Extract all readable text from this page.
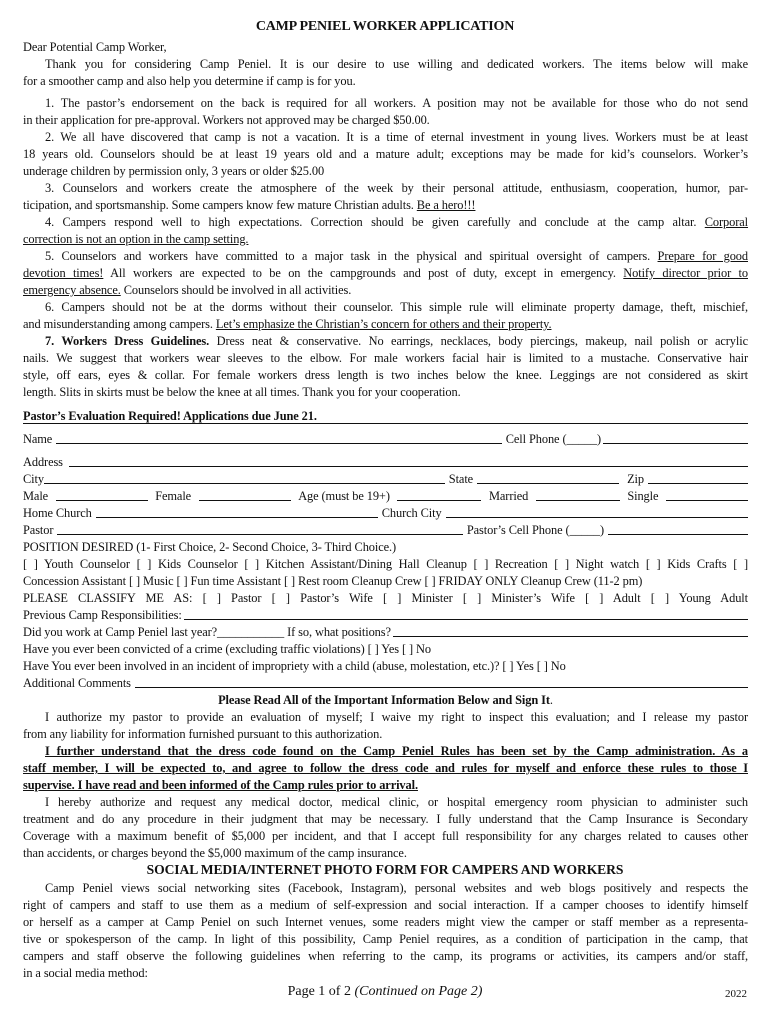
CAMP PENIEL WORKER APPLICATION
Dear Potential Camp Worker,
Thank you for considering Camp Peniel. It is our desire to use willing and dedicated workers. The items below will make
for a smoother camp and also help you determine if camp is for you.
1. The pastor’s endorsement on the back is required for all workers. A position may not be available for those who do not send
in their application for pre-approval. Workers not approved may be charged $50.00.
2. We all have discovered that camp is not a vacation. It is a time of eternal investment in young lives. Workers must be at least
18 years old. Counselors should be at least 19 years old and a mature adult; exceptions may be made for kid’s counselors. Worker’s
underage children by permission only, 3 years or older $25.00
3. Counselors and workers create the atmosphere of the week by their personal attitude, enthusiasm, cooperation, humor, par-
ticipation, and sportsmanship. Some campers know few mature Christian adults. Be a hero!!!
4. Campers respond well to high expectations. Correction should be given carefully and conclude at the camp altar. Corporal
correction is not an option in the camp setting.
5. Counselors and workers have committed to a major task in the physical and spiritual oversight of campers. Prepare for good
devotion times! All workers are expected to be on the campgrounds and post of duty, except in emergency. Notify director prior to
emergency absence. Counselors should be involved in all activities.
6. Campers should not be at the dorms without their counselor. This simple rule will eliminate property damage, theft, mischief,
and misunderstanding among campers. Let’s emphasize the Christian’s concern for others and their property.
7. Workers Dress Guidelines. Dress neat & conservative. No earrings, necklaces, body piercings, makeup, nail polish or acrylic
nails. We suggest that workers wear sleeves to the elbow. For male workers facial hair is limited to a mustache. Conservative hair
style, off ears, eyes & collar. For female workers dress length is two inches below the knee. Leggings are not considered as skirt
length. Slits in skirts must be below the knee at all times. Thank you for your cooperation.
Pastor’s Evaluation Required! Applications due June 21.
Name	Cell Phone (_____)
Address
City	State	Zip
Male	Female	Age (must be 19+)	Married	Single
Home Church	Church City
Pastor	Pastor’s Cell Phone (_____)
POSITION DESIRED (1- First Choice, 2- Second Choice, 3- Third Choice.)
[ ] Youth Counselor [ ] Kids Counselor [ ] Kitchen Assistant/Dining Hall Cleanup [ ] Recreation [ ] Night watch [ ] Kids Crafts [ ]
Concession Assistant [ ] Music [ ] Fun time Assistant [ ] Rest room Cleanup Crew [ ] FRIDAY ONLY Cleanup Crew (11-2 pm)
PLEASE CLASSIFY ME AS: [ ] Pastor [ ] Pastor’s Wife [ ] Minister [ ] Minister’s Wife [ ] Adult [ ] Young Adult
Previous Camp Responsibilities:
Did you work at Camp Peniel last year?___________ If so, what positions?
Have you ever been convicted of a crime (excluding traffic violations) [ ] Yes [ ] No
Have You ever been involved in an incident of impropriety with a child (abuse, molestation, etc.)? [ ] Yes [ ] No
Additional Comments
Please Read All of the Important Information Below and Sign It.
I authorize my pastor to provide an evaluation of myself; I waive my right to inspect this evaluation; and I release my pastor
from any liability for information furnished pursuant to this authorization.
I further understand that the dress code found on the Camp Peniel Rules has been set by the Camp administration. As a
staff member, I will be expected to, and agree to follow the dress code and rules for myself and enforce these rules to those I
supervise. I have read and been informed of the Camp rules prior to arrival.
I hereby authorize and request any medical doctor, medical clinic, or hospital emergency room physician to administer such
treatment and do any procedure in their judgment that may be necessary. I fully understand that the Camp Insurance is Secondary
Coverage with a maximum benefit of $5,000 per incident, and that I accept full responsibility for any charges related to causes other
than accidents, or charges beyond the $5,000 maximum of the camp insurance.
SOCIAL MEDIA/INTERNET PHOTO FORM FOR CAMPERS AND WORKERS
Camp Peniel views social networking sites (Facebook, Instagram), personal websites and web blogs positively and respects the
right of campers and staff to use them as a medium of self-expression and social interaction. If a camper chooses to identify himself
or herself as a camper at Camp Peniel on such Internet venues, some readers might view the camper or staff member as a representa-
tive or spokesperson of the camp. In light of this possibility, Camp Peniel requires, as a condition of participation in the camp, that
campers and staff observe the following guidelines when referring to the camp, its programs or activities, its campers and/or staff,
in a social media method:
Page 1 of 2 (Continued on Page 2)	2022
